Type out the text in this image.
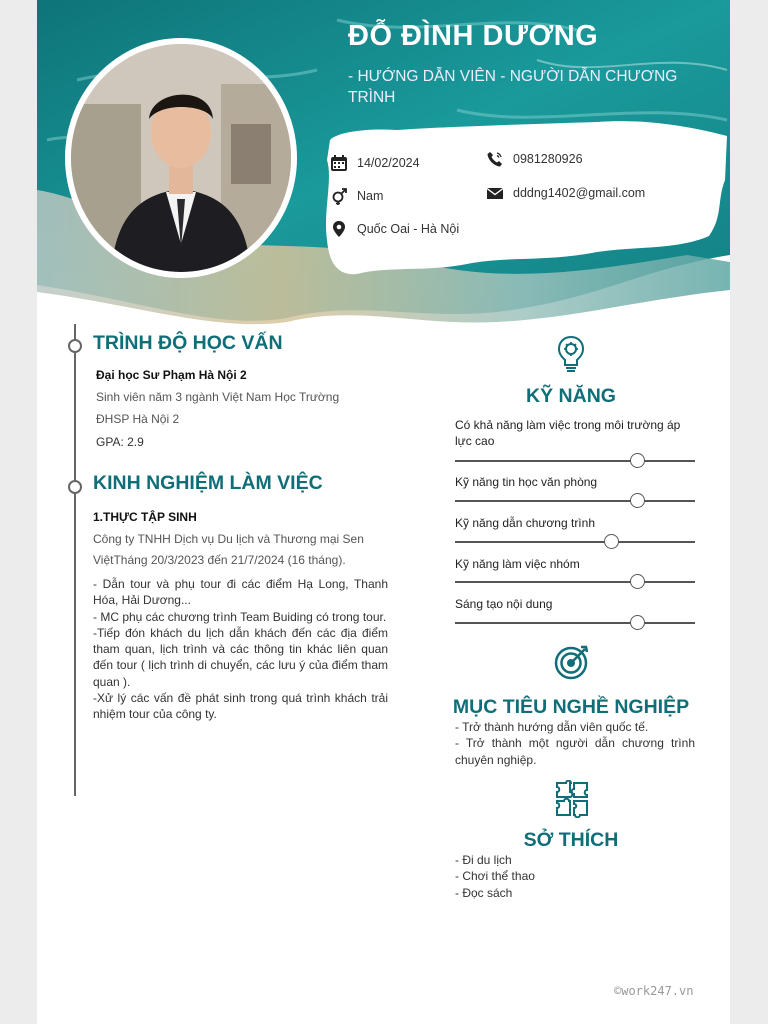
ĐỖ ĐÌNH DƯƠNG
- HƯỚNG DẪN VIÊN - NGƯỜI DẪN CHƯƠNG TRÌNH
14/02/2024
Nam
Quốc Oai - Hà Nội
0981280926
dddng1402@gmail.com
TRÌNH ĐỘ HỌC VẤN
Đại học Sư Phạm Hà Nội 2
Sinh viên năm 3 ngành Việt Nam Học Trường
ĐHSP Hà Nội 2
GPA: 2.9
KINH NGHIỆM LÀM VIỆC
1.THỰC TẬP SINH
Công ty TNHH Dịch vụ Du lịch và Thương mại Sen
ViệtTháng 20/3/2023 đến 21/7/2024 (16 tháng).
- Dẫn tour và phụ tour đi các điểm Hạ Long, Thanh Hóa, Hải Dương...
- MC phụ các chương trình Team Buiding có trong tour.
-Tiếp đón khách du lịch dẫn khách đến các địa điểm tham quan, lịch trình và các thông tin khác liên quan đến tour ( lịch trình di chuyển, các lưu ý của điểm tham quan ).
-Xử lý các vấn đề phát sinh trong quá trình khách trải nhiệm tour của công ty.
KỸ NĂNG
Có khả năng làm việc trong môi trường áp lực cao
Kỹ năng tin học văn phòng
Kỹ năng dẫn chương trình
Kỹ năng làm việc nhóm
Sáng tạo nội dung
MỤC TIÊU NGHỀ NGHIỆP
- Trở thành hướng dẫn viên quốc tế.
- Trở thành một người dẫn chương trình chuyên nghiệp.
SỞ THÍCH
- Đi du lịch
- Chơi thể thao
- Đọc sách
©work247.vn
